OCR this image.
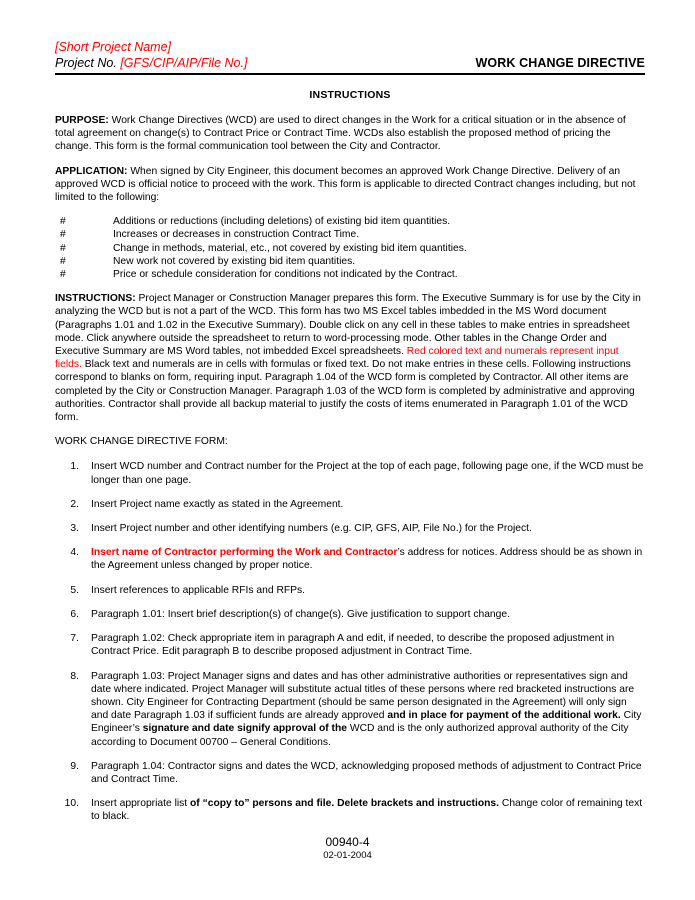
[Short Project Name]
Project No. [GFS/CIP/AIP/File No.]	WORK CHANGE DIRECTIVE
INSTRUCTIONS

PURPOSE: Work Change Directives (WCD) are used to direct changes in the Work for a critical situation or in the absence of total agreement on change(s) to Contract Price or Contract Time. WCDs also establish the proposed method of pricing the change. This form is the formal communication tool between the City and Contractor.

APPLICATION: When signed by City Engineer, this document becomes an approved Work Change Directive. Delivery of an approved WCD is official notice to proceed with the work. This form is applicable to directed Contract changes including, but not limited to the following:

#	Additions or reductions (including deletions) of existing bid item quantities.
#	Increases or decreases in construction Contract Time.
#	Change in methods, material, etc., not covered by existing bid item quantities.
#	New work not covered by existing bid item quantities.
#	Price or schedule consideration for conditions not indicated by the Contract.

INSTRUCTIONS: Project Manager or Construction Manager prepares this form. The Executive Summary is for use by the City in analyzing the WCD but is not a part of the WCD. This form has two MS Excel tables imbedded in the MS Word document (Paragraphs 1.01 and 1.02 in the Executive Summary). Double click on any cell in these tables to make entries in spreadsheet mode. Click anywhere outside the spreadsheet to return to word-processing mode. Other tables in the Change Order and Executive Summary are MS Word tables, not imbedded Excel spreadsheets. Red colored text and numerals represent input fields. Black text and numerals are in cells with formulas or fixed text. Do not make entries in these cells. Following instructions correspond to blanks on form, requiring input. Paragraph 1.04 of the WCD form is completed by Contractor. All other items are completed by the City or Construction Manager. Paragraph 1.03 of the WCD form is completed by administrative and approving authorities. Contractor shall provide all backup material to justify the costs of items enumerated in Paragraph 1.01 of the WCD form.

WORK CHANGE DIRECTIVE FORM:
1. Insert WCD number and Contract number for the Project at the top of each page, following page one, if the WCD must be longer than one page.
2. Insert Project name exactly as stated in the Agreement.
3. Insert Project number and other identifying numbers (e.g. CIP, GFS, AIP, File No.) for the Project.
4. Insert name of Contractor performing the Work and Contractor’s address for notices. Address should be as shown in the Agreement unless changed by proper notice.
5. Insert references to applicable RFIs and RFPs.
6. Paragraph 1.01: Insert brief description(s) of change(s). Give justification to support change.
7. Paragraph 1.02: Check appropriate item in paragraph A and edit, if needed, to describe the proposed adjustment in Contract Price. Edit paragraph B to describe proposed adjustment in Contract Time.
8. Paragraph 1.03: Project Manager signs and dates and has other administrative authorities or representatives sign and date where indicated. Project Manager will substitute actual titles of these persons where red bracketed instructions are shown. City Engineer for Contracting Department (should be same person designated in the Agreement) will only sign and date Paragraph 1.03 if sufficient funds are already approved and in place for payment of the additional work. City Engineer’s signature and date signify approval of the WCD and is the only authorized approval authority of the City according to Document 00700 – General Conditions.
9. Paragraph 1.04: Contractor signs and dates the WCD, acknowledging proposed methods of adjustment to Contract Price and Contract Time.
10. Insert appropriate list of “copy to” persons and file. Delete brackets and instructions. Change color of remaining text to black.
00940-4
02-01-2004
